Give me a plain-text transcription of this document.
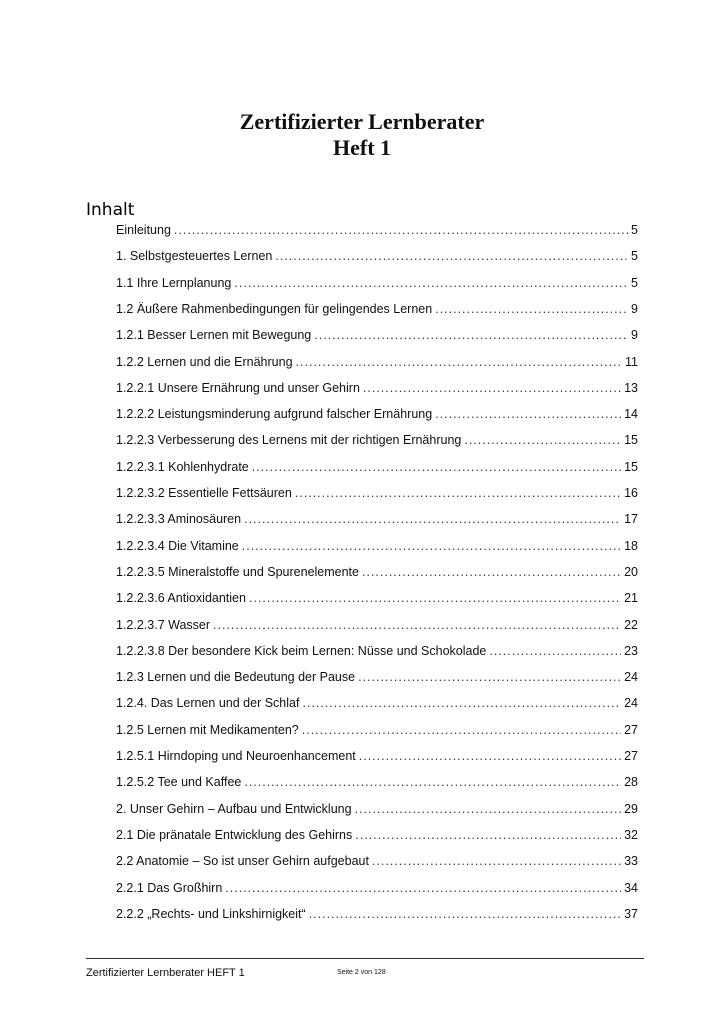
Zertifizierter Lernberater
Heft 1
Inhalt
Einleitung .....	5
1. Selbstgesteuertes Lernen .....	5
1.1 Ihre Lernplanung .....	5
1.2 Äußere Rahmenbedingungen für gelingendes Lernen .....	9
1.2.1 Besser Lernen mit Bewegung .....	9
1.2.2 Lernen und die Ernährung .....	11
1.2.2.1 Unsere Ernährung und unser Gehirn .....	13
1.2.2.2 Leistungsminderung aufgrund falscher Ernährung .....	14
1.2.2.3 Verbesserung des Lernens mit der richtigen Ernährung .....	15
1.2.2.3.1 Kohlenhydrate .....	15
1.2.2.3.2 Essentielle Fettsäuren .....	16
1.2.2.3.3 Aminosäuren .....	17
1.2.2.3.4 Die Vitamine .....	18
1.2.2.3.5 Mineralstoffe und Spurenelemente .....	20
1.2.2.3.6 Antioxidantien .....	21
1.2.2.3.7 Wasser .....	22
1.2.2.3.8 Der besondere Kick beim Lernen: Nüsse und Schokolade .....	23
1.2.3 Lernen und die Bedeutung der Pause .....	24
1.2.4. Das Lernen und der Schlaf .....	24
1.2.5 Lernen mit Medikamenten? .....	27
1.2.5.1 Hirndoping und Neuroenhancement .....	27
1.2.5.2 Tee und Kaffee .....	28
2. Unser Gehirn – Aufbau und Entwicklung .....	29
2.1 Die pränatale Entwicklung des Gehirns .....	32
2.2 Anatomie – So ist unser Gehirn aufgebaut .....	33
2.2.1 Das Großhirn .....	34
2.2.2 „Rechts- und Linkshirnigkeit“ .....	37
Zertifizierter Lernberater HEFT 1	Seite 2 von 128
